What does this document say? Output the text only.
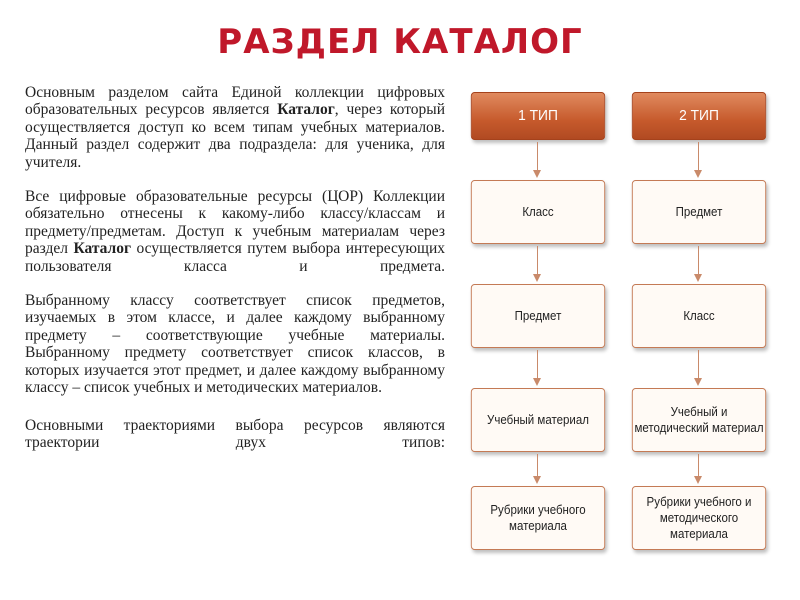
РАЗДЕЛ КАТАЛОГ

Основным разделом сайта Единой коллекции цифровых образовательных ресурсов является Каталог, через который осуществляется доступ ко всем типам учебных материалов. Данный раздел содержит два подраздела: для ученика, для учителя.

Все цифровые образовательные ресурсы (ЦОР) Коллекции обязательно отнесены к какому-либо классу/классам и предмету/предметам. Доступ к учебным материалам через раздел Каталог осуществляется путем выбора интересующих пользователя класса и предмета.

Выбранному классу соответствует список предметов, изучаемых в этом классе, и далее каждому выбранному предмету – соответствующие учебные материалы. Выбранному предмету соответствует список классов, в которых изучается этот предмет, и далее каждому выбранному классу – список учебных и методических материалов.

Основными траекториями выбора ресурсов являются траектории двух типов:

1 ТИП
Класс
Предмет
Учебный материал
Рубрики учебного материала
2 ТИП
Предмет
Класс
Учебный и методический материал
Рубрики учебного и методического материала
